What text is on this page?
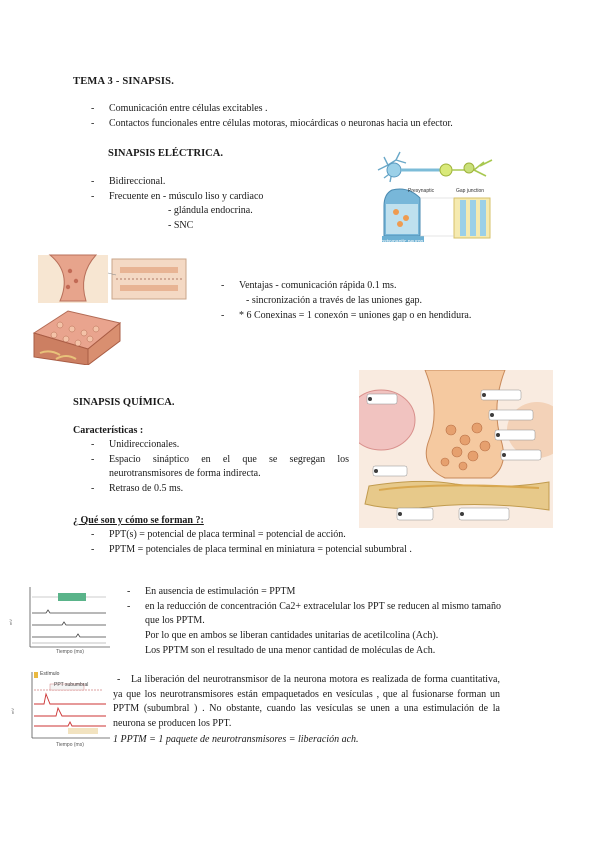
TEMA 3 - SINAPSIS.
- Comunicación entre células excitables .
- Contactos funcionales entre células motoras, miocárdicas o neuronas hacia un efector.
SINAPSIS ELÉCTRICA.
Presynaptic	Gap junction
Postsynaptic neuron
- Bidireccional.
- Frecuente en - músculo liso y cardiaco
- glándula endocrina.
- SNC
- Ventajas - comunicación rápida 0.1 ms.
- sincronización a través de las uniones gap.
- * 6 Conexinas = 1 conexón = uniones gap o en hendidura.
SINAPSIS QUÍMICA.
Características :
- Unidireccionales.
- Espacio sináptico en el que se segregan los neurotransmisores de forma indirecta.
- Retraso de 0.5 ms.
¿ Qué son y cómo se forman ?:
- PPT(s) = potencial de placa terminal = potencial de acción.
- PPTM = potenciales de placa terminal en miniatura = potencial subumbral .
mV
Tiempo (ms)
- En ausencia de estimulación = PPTM
- en la reducción de concentración Ca2+ extracelular los PPT se reducen al mismo tamaño que los PPTM.
Por lo que en ambos se liberan cantidades unitarias de acetilcolina (Ach).
Los PPTM son el resultado de una menor cantidad de moléculas de Ach.
mV
Estímulo
PPT subumbral
Tiempo (ms)
- La liberación del neurotransmisor de la neurona motora es realizada de forma cuantitativa, ya que los neurotransmisores están empaquetados en vesículas , que al fusionarse forman un PPTM (subumbral ) . No obstante, cuando las vesículas se unen a una estimulación de la neurona se producen los PPT.
1 PPTM = 1 paquete de neurotransmisores = liberación ach.
